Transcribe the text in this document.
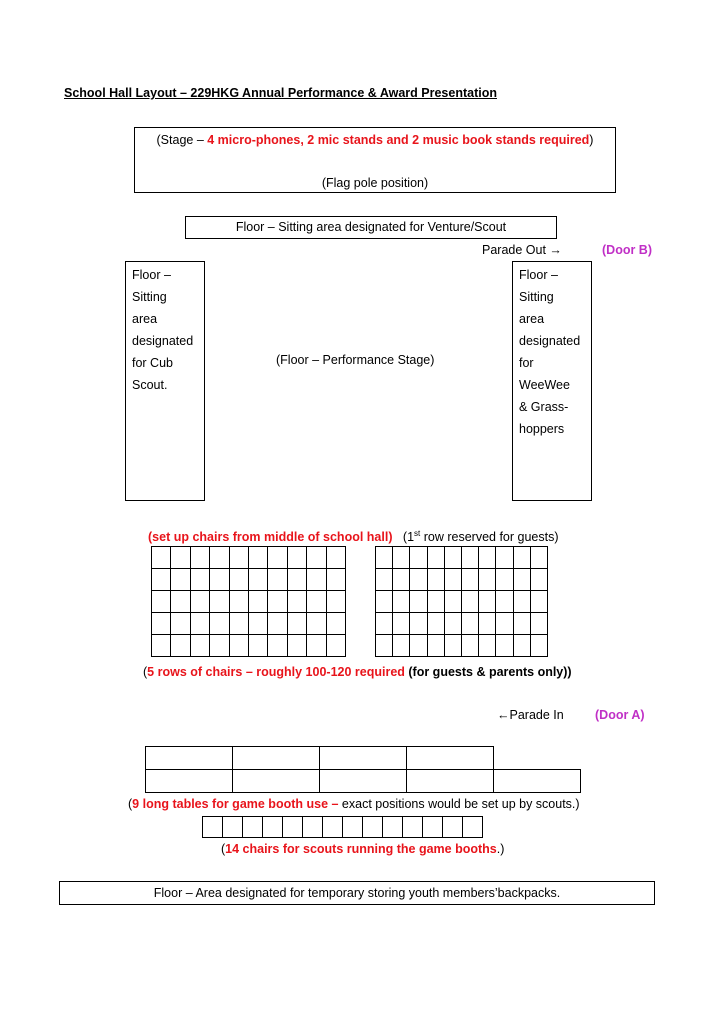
School Hall Layout – 229HKG Annual Performance & Award Presentation
(Stage – 4 micro-phones, 2 mic stands and 2 music book stands required)
(Flag pole position)
Floor – Sitting area designated for Venture/Scout
Parade Out →	(Door B)
Floor –
Sitting
area
designated
for Cub
Scout.
(Floor – Performance Stage)
Floor –
Sitting
area
designated
for
WeeWee
& Grass-
hoppers
(set up chairs from middle of school hall) (1st row reserved for guests)

(5 rows of chairs – roughly 100-120 required (for guests & parents only))
←Parade In	(Door A)
(9 long tables for game booth use – exact positions would be set up by scouts.)

(14 chairs for scouts running the game booths.)
Floor – Area designated for temporary storing youth members’backpacks.
